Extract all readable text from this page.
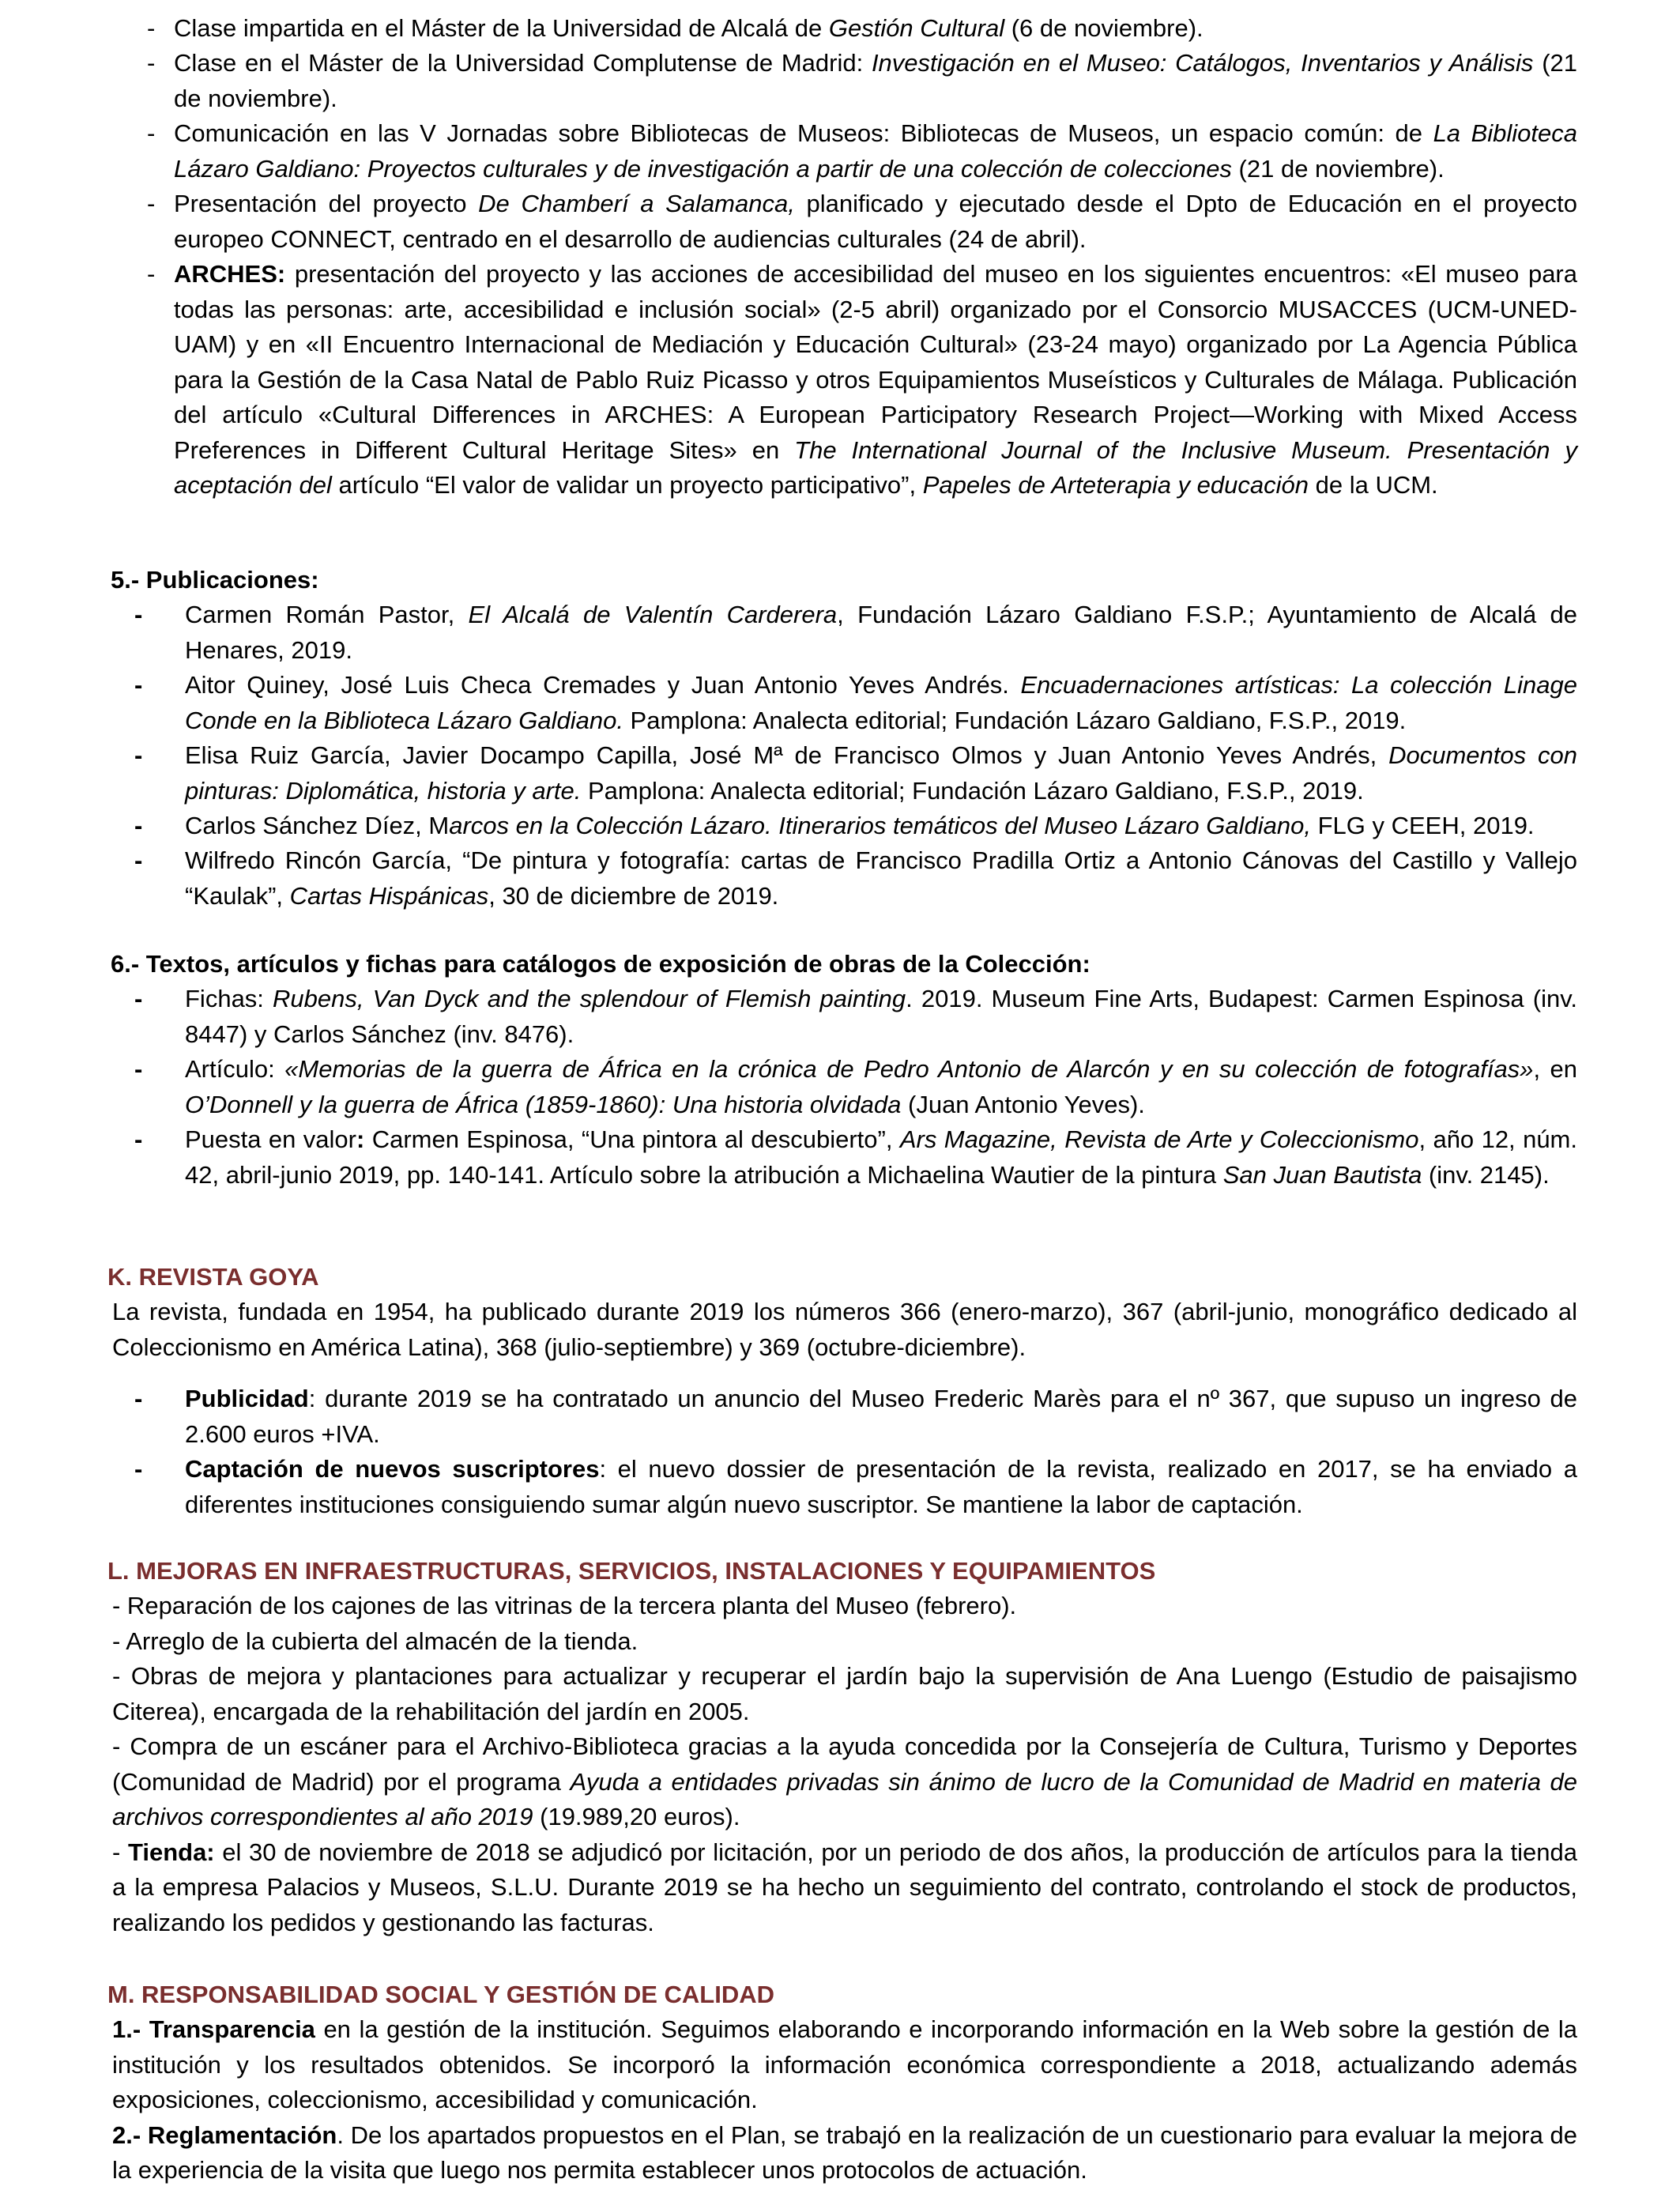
- Clase impartida en el Máster de la Universidad de Alcalá de Gestión Cultural (6 de noviembre).

- Clase en el Máster de la Universidad Complutense de Madrid: Investigación en el Museo: Catálogos, Inventarios y Análisis (21 de noviembre).

- Comunicación en las V Jornadas sobre Bibliotecas de Museos: Bibliotecas de Museos, un espacio común: de La Biblioteca Lázaro Galdiano: Proyectos culturales y de investigación a partir de una colección de colecciones (21 de noviembre).

- Presentación del proyecto De Chamberí a Salamanca, planificado y ejecutado desde el Dpto de Educación en el proyecto europeo CONNECT, centrado en el desarrollo de audiencias culturales (24 de abril).

- ARCHES: presentación del proyecto y las acciones de accesibilidad del museo en los siguientes encuentros: «El museo para todas las personas: arte, accesibilidad e inclusión social» (2-5 abril) organizado por el Consorcio MUSACCES (UCM-UNED-UAM) y en «II Encuentro Internacional de Mediación y Educación Cultural» (23-24 mayo) organizado por La Agencia Pública para la Gestión de la Casa Natal de Pablo Ruiz Picasso y otros Equipamientos Museísticos y Culturales de Málaga. Publicación del artículo «Cultural Differences in ARCHES: A European Participatory Research Project—Working with Mixed Access Preferences in Different Cultural Heritage Sites» en The International Journal of the Inclusive Museum. Presentación y aceptación del artículo “El valor de validar un proyecto participativo”, Papeles de Arteterapia y educación de la UCM.

5.- Publicaciones:
- Carmen Román Pastor, El Alcalá de Valentín Carderera, Fundación Lázaro Galdiano F.S.P.; Ayuntamiento de Alcalá de Henares, 2019.

- Aitor Quiney, José Luis Checa Cremades y Juan Antonio Yeves Andrés. Encuadernaciones artísticas: La colección Linage Conde en la Biblioteca Lázaro Galdiano. Pamplona: Analecta editorial; Fundación Lázaro Galdiano, F.S.P., 2019.

- Elisa Ruiz García, Javier Docampo Capilla, José Mª de Francisco Olmos y Juan Antonio Yeves Andrés, Documentos con pinturas: Diplomática, historia y arte. Pamplona: Analecta editorial; Fundación Lázaro Galdiano, F.S.P., 2019.

- Carlos Sánchez Díez, Marcos en la Colección Lázaro. Itinerarios temáticos del Museo Lázaro Galdiano, FLG y CEEH, 2019.

- Wilfredo Rincón García, “De pintura y fotografía: cartas de Francisco Pradilla Ortiz a Antonio Cánovas del Castillo y Vallejo “Kaulak”, Cartas Hispánicas, 30 de diciembre de 2019.

6.- Textos, artículos y fichas para catálogos de exposición de obras de la Colección:
- Fichas: Rubens, Van Dyck and the splendour of Flemish painting. 2019. Museum Fine Arts, Budapest: Carmen Espinosa (inv. 8447) y Carlos Sánchez (inv. 8476).

- Artículo: «Memorias de la guerra de África en la crónica de Pedro Antonio de Alarcón y en su colección de fotografías», en O’Donnell y la guerra de África (1859-1860): Una historia olvidada (Juan Antonio Yeves).

- Puesta en valor: Carmen Espinosa, “Una pintora al descubierto”, Ars Magazine, Revista de Arte y Coleccionismo, año 12, núm. 42, abril-junio 2019, pp. 140-141. Artículo sobre la atribución a Michaelina Wautier de la pintura San Juan Bautista (inv. 2145).

K. REVISTA GOYA

La revista, fundada en 1954, ha publicado durante 2019 los números 366 (enero-marzo), 367 (abril-junio, monográfico dedicado al Coleccionismo en América Latina), 368 (julio-septiembre) y 369 (octubre-diciembre).

- Publicidad: durante 2019 se ha contratado un anuncio del Museo Frederic Marès para el nº 367, que supuso un ingreso de 2.600 euros +IVA.

- Captación de nuevos suscriptores: el nuevo dossier de presentación de la revista, realizado en 2017, se ha enviado a diferentes instituciones consiguiendo sumar algún nuevo suscriptor. Se mantiene la labor de captación.

L. MEJORAS EN INFRAESTRUCTURAS, SERVICIOS, INSTALACIONES Y EQUIPAMIENTOS

- Reparación de los cajones de las vitrinas de la tercera planta del Museo (febrero).

- Arreglo de la cubierta del almacén de la tienda.

- Obras de mejora y plantaciones para actualizar y recuperar el jardín bajo la supervisión de Ana Luengo (Estudio de paisajismo Citerea), encargada de la rehabilitación del jardín en 2005.

- Compra de un escáner para el Archivo-Biblioteca gracias a la ayuda concedida por la Consejería de Cultura, Turismo y Deportes (Comunidad de Madrid) por el programa Ayuda a entidades privadas sin ánimo de lucro de la Comunidad de Madrid en materia de archivos correspondientes al año 2019 (19.989,20 euros).

- Tienda: el 30 de noviembre de 2018 se adjudicó por licitación, por un periodo de dos años, la producción de artículos para la tienda a la empresa Palacios y Museos, S.L.U. Durante 2019 se ha hecho un seguimiento del contrato, controlando el stock de productos, realizando los pedidos y gestionando las facturas.

M. RESPONSABILIDAD SOCIAL Y GESTIÓN DE CALIDAD

1.- Transparencia en la gestión de la institución. Seguimos elaborando e incorporando información en la Web sobre la gestión de la institución y los resultados obtenidos. Se incorporó la información económica correspondiente a 2018, actualizando además exposiciones, coleccionismo, accesibilidad y comunicación.

2.- Reglamentación. De los apartados propuestos en el Plan, se trabajó en la realización de un cuestionario para evaluar la mejora de la experiencia de la visita que luego nos permita establecer unos protocolos de actuación.
